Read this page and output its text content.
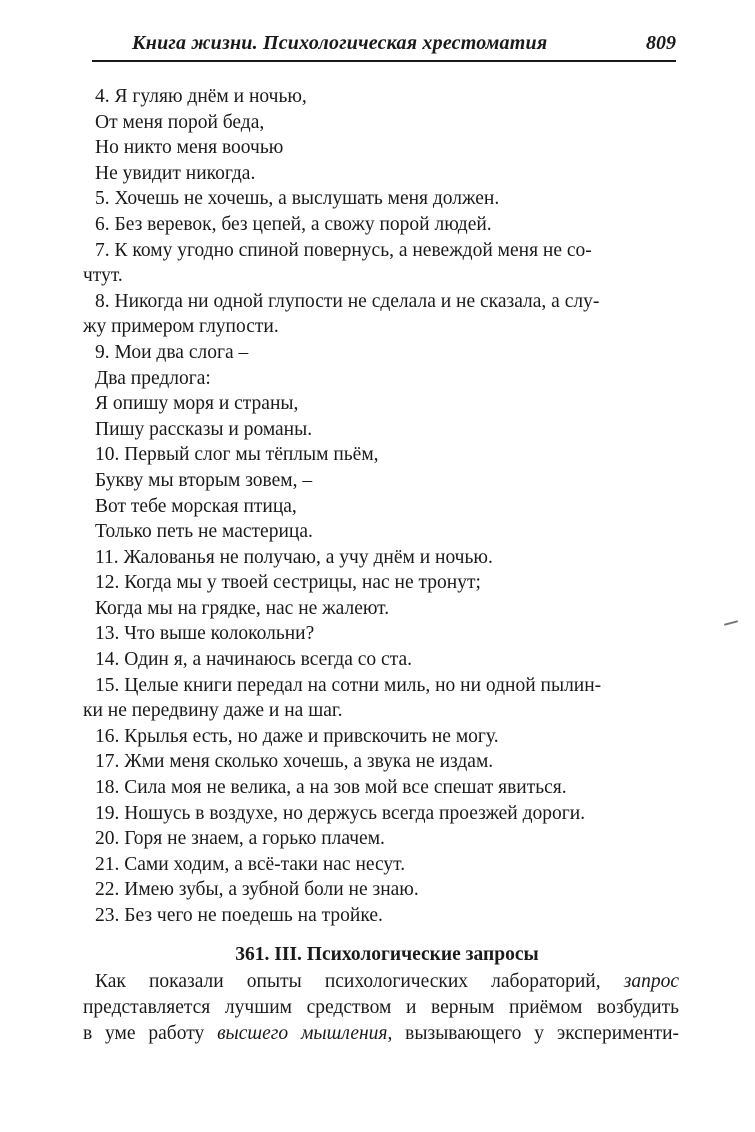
Книга жизни. Психологическая хрестоматия	809
4. Я гуляю днём и ночью,
От меня порой беда,
Но никто меня воочью
Не увидит никогда.
5. Хочешь не хочешь, а выслушать меня должен.
6. Без веревок, без цепей, а свожу порой людей.
7. К кому угодно спиной повернусь, а невеждой меня не со-
чтут.
8. Никогда ни одной глупости не сделала и не сказала, а слу-
жу примером глупости.
9. Мои два слога –
Два предлога:
Я опишу моря и страны,
Пишу рассказы и романы.
10. Первый слог мы тёплым пьём,
Букву мы вторым зовем, –
Вот тебе морская птица,
Только петь не мастерица.
11. Жалованья не получаю, а учу днём и ночью.
12. Когда мы у твоей сестрицы, нас не тронут;
Когда мы на грядке, нас не жалеют.
13. Что выше колокольни?
14. Один я, а начинаюсь всегда со ста.
15. Целые книги передал на сотни миль, но ни одной пылин-
ки не передвину даже и на шаг.
16. Крылья есть, но даже и привскочить не могу.
17. Жми меня сколько хочешь, а звука не издам.
18. Сила моя не велика, а на зов мой все спешат явиться.
19. Ношусь в воздухе, но держусь всегда проезжей дороги.
20. Горя не знаем, а горько плачем.
21. Сами ходим, а всё-таки нас несут.
22. Имею зубы, а зубной боли не знаю.
23. Без чего не поедешь на тройке.
361. III. Психологические запросы
Как показали опыты психологических лабораторий, запрос
представляется лучшим средством и верным приёмом возбудить
в уме работу высшего мышления, вызывающего у эксперименти-
